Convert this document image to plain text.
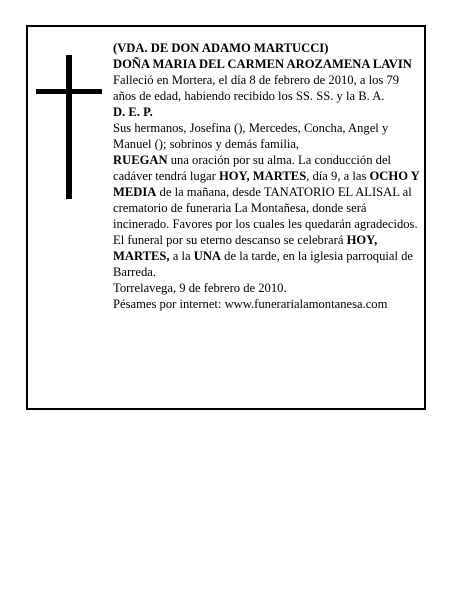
(VDA. DE DON ADAMO MARTUCCI)

DOÑA MARIA DEL CARMEN AROZAMENA LAVIN

Falleció en Mortera, el día 8 de febrero de 2010, a los 79 años de edad, habiendo recibido los SS. SS. y la B. A.

D. E. P.

Sus hermanos, Josefina (), Mercedes, Concha, Angel y Manuel (); sobrinos y demás familia,

RUEGAN una oración por su alma. La conducción del cadáver tendrá lugar HOY, MARTES, día 9, a las OCHO Y MEDIA de la mañana, desde TANATORIO EL ALISAL al crematorio de funeraria La Montañesa, donde será incinerado. Favores por los cuales les quedarán agradecidos. El funeral por su eterno descanso se celebrará HOY, MARTES, a la UNA de la tarde, en la iglesia parroquial de Barreda.

Torrelavega, 9 de febrero de 2010.

Pésames por internet: www.funerarialamontanesa.com
